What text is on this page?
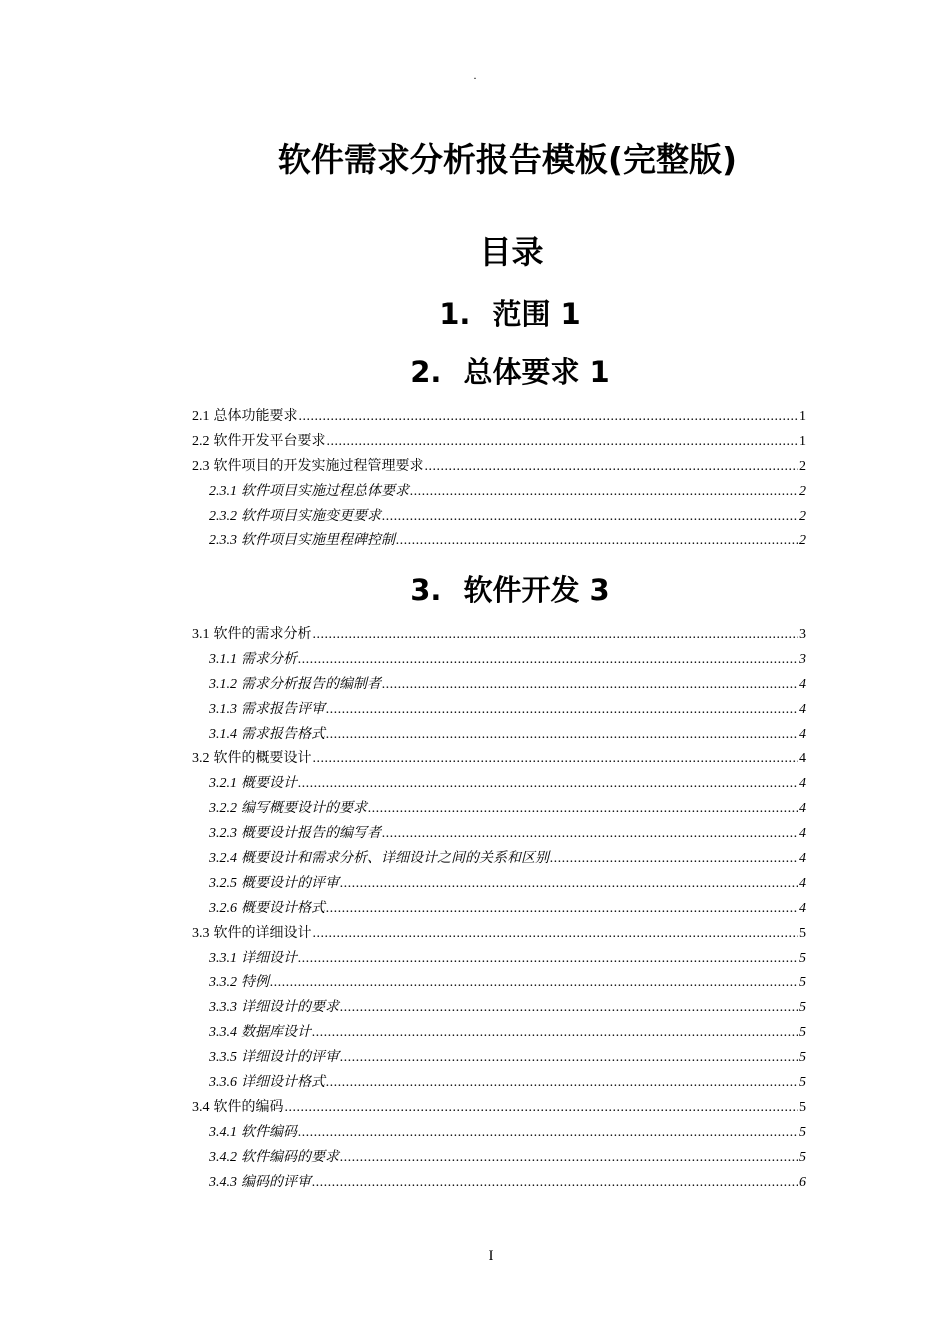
.
软件需求分析报告模板(完整版)
目录
1. 范围 1
2. 总体要求 1
2.1 总体功能要求 .....	1
2.2 软件开发平台要求 .....	1
2.3 软件项目的开发实施过程管理要求 .....	2
2.3.1 软件项目实施过程总体要求 .....	2
2.3.2 软件项目实施变更要求 .....	2
2.3.3 软件项目实施里程碑控制 .....	2
3. 软件开发 3
3.1 软件的需求分析 .....	3
3.1.1 需求分析 .....	3
3.1.2 需求分析报告的编制者 .....	4
3.1.3 需求报告评审 .....	4
3.1.4 需求报告格式 .....	4
3.2 软件的概要设计 .....	4
3.2.1 概要设计 .....	4
3.2.2 编写概要设计的要求 .....	4
3.2.3 概要设计报告的编写者 .....	4
3.2.4 概要设计和需求分析、详细设计之间的关系和区别 .....	4
3.2.5 概要设计的评审 .....	4
3.2.6 概要设计格式 .....	4
3.3 软件的详细设计 .....	5
3.3.1 详细设计 .....	5
3.3.2 特例 .....	5
3.3.3 详细设计的要求 .....	5
3.3.4 数据库设计 .....	5
3.3.5 详细设计的评审 .....	5
3.3.6 详细设计格式 .....	5
3.4 软件的编码 .....	5
3.4.1 软件编码 .....	5
3.4.2 软件编码的要求 .....	5
3.4.3 编码的评审 .....	6
I
